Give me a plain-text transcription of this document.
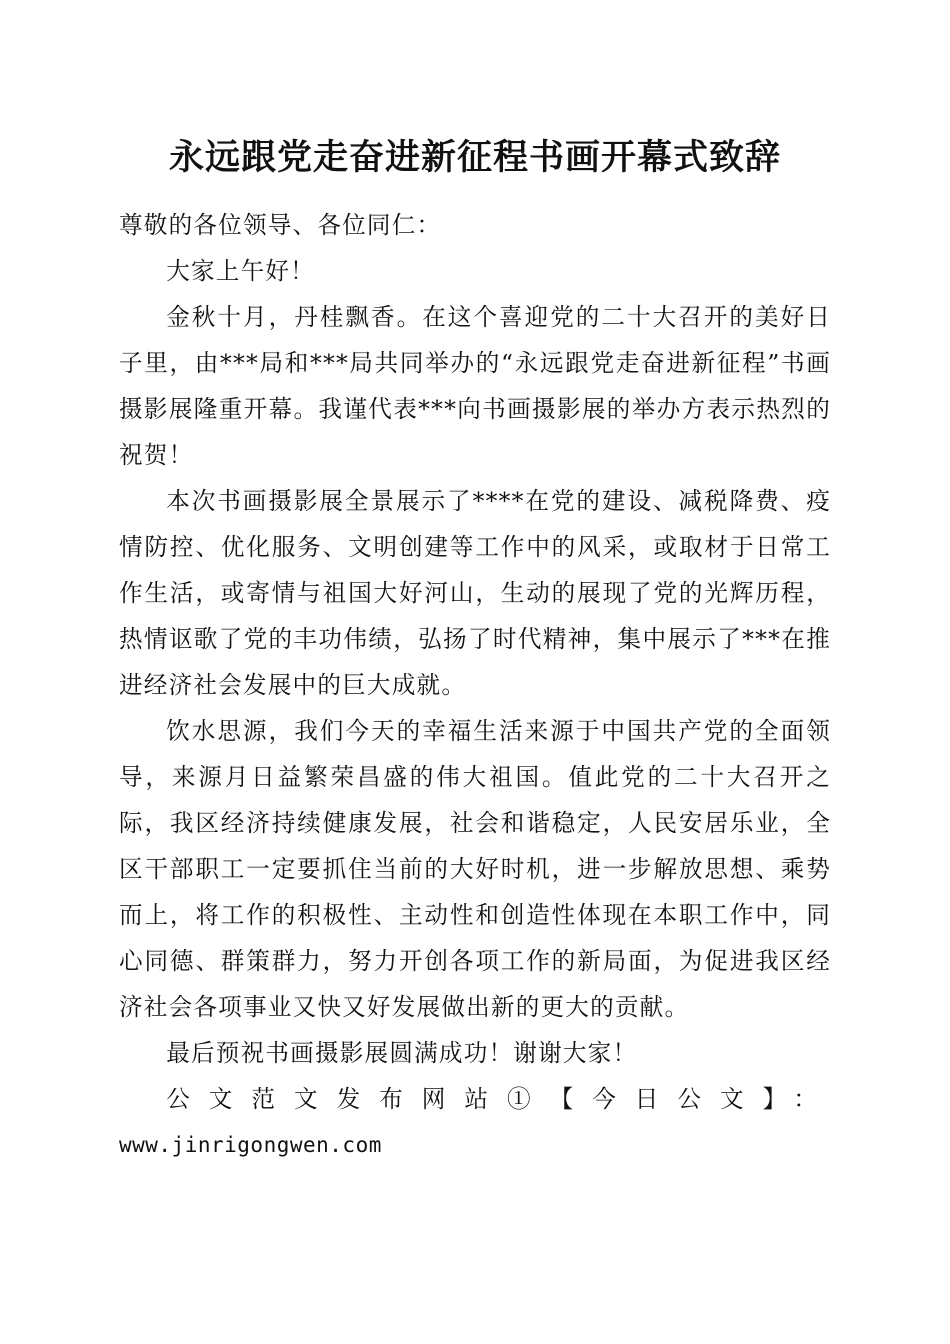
永远跟党走奋进新征程书画开幕式致辞

尊敬的各位领导、各位同仁：

大家上午好！

金秋十月，丹桂飘香。在这个喜迎党的二十大召开的美好日子里，由***局和***局共同举办的“永远跟党走奋进新征程”书画摄影展隆重开幕。我谨代表***向书画摄影展的举办方表示热烈的祝贺！

本次书画摄影展全景展示了****在党的建设、减税降费、疫情防控、优化服务、文明创建等工作中的风采，或取材于日常工作生活，或寄情与祖国大好河山，生动的展现了党的光辉历程，热情讴歌了党的丰功伟绩，弘扬了时代精神，集中展示了***在推进经济社会发展中的巨大成就。

饮水思源，我们今天的幸福生活来源于中国共产党的全面领导，来源月日益繁荣昌盛的伟大祖国。值此党的二十大召开之际，我区经济持续健康发展，社会和谐稳定，人民安居乐业，全区干部职工一定要抓住当前的大好时机，进一步解放思想、乘势而上，将工作的积极性、主动性和创造性体现在本职工作中，同心同德、群策群力，努力开创各项工作的新局面，为促进我区经济社会各项事业又快又好发展做出新的更大的贡献。

最后预祝书画摄影展圆满成功！谢谢大家！

公文范文发布网站①【今日公文】：

www.jinrigongwen.com
